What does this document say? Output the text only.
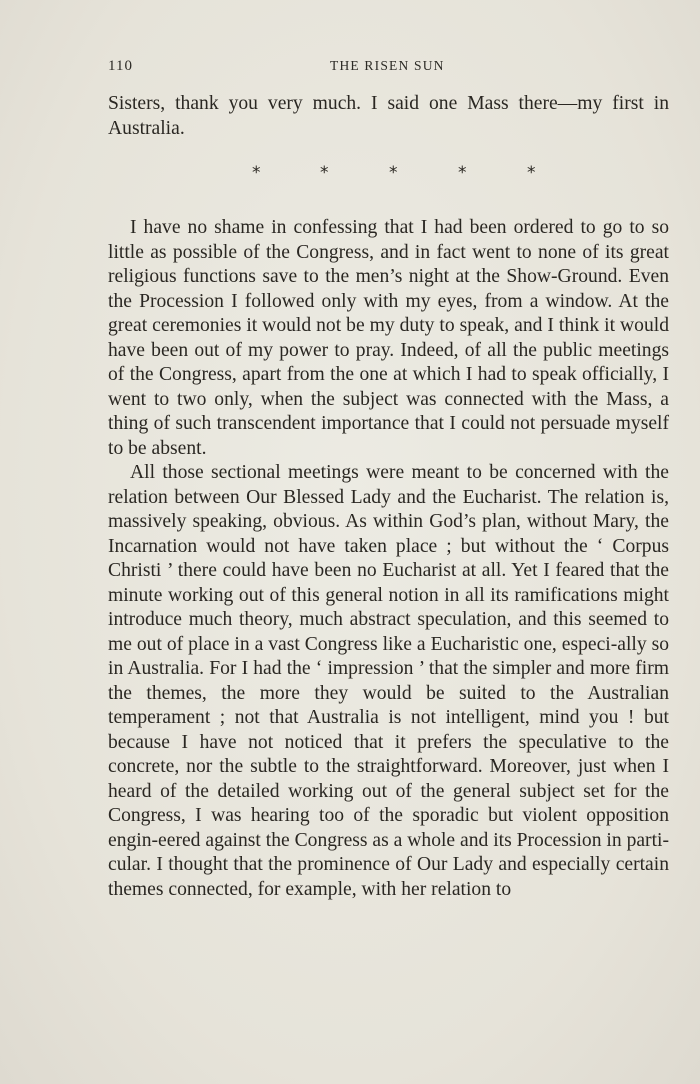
110	THE RISEN SUN

Sisters, thank you very much. I said one Mass there—my first in Australia.

*	*	*	*	*

I have no shame in confessing that I had been ordered to go to so little as possible of the Congress, and in fact went to none of its great religious functions save to the men’s night at the Show-Ground. Even the Procession I followed only with my eyes, from a window. At the great ceremonies it would not be my duty to speak, and I think it would have been out of my power to pray. Indeed, of all the public meetings of the Congress, apart from the one at which I had to speak officially, I went to two only, when the subject was connected with the Mass, a thing of such transcendent importance that I could not persuade myself to be absent.

All those sectional meetings were meant to be concerned with the relation between Our Blessed Lady and the Eucharist. The relation is, massively speaking, obvious. As within God’s plan, without Mary, the Incarnation would not have taken place ; but without the ‘ Corpus Christi ’ there could have been no Eucharist at all. Yet I feared that the minute working out of this general notion in all its ramifications might introduce much theory, much abstract speculation, and this seemed to me out of place in a vast Congress like a Eucharistic one, especi-ally so in Australia. For I had the ‘ impression ’ that the simpler and more firm the themes, the more they would be suited to the Australian temperament ; not that Australia is not intelligent, mind you ! but because I have not noticed that it prefers the speculative to the concrete, nor the subtle to the straightforward. Moreover, just when I heard of the detailed working out of the general subject set for the Congress, I was hearing too of the sporadic but violent opposition engin-eered against the Congress as a whole and its Procession in parti-cular. I thought that the prominence of Our Lady and especially certain themes connected, for example, with her relation to
